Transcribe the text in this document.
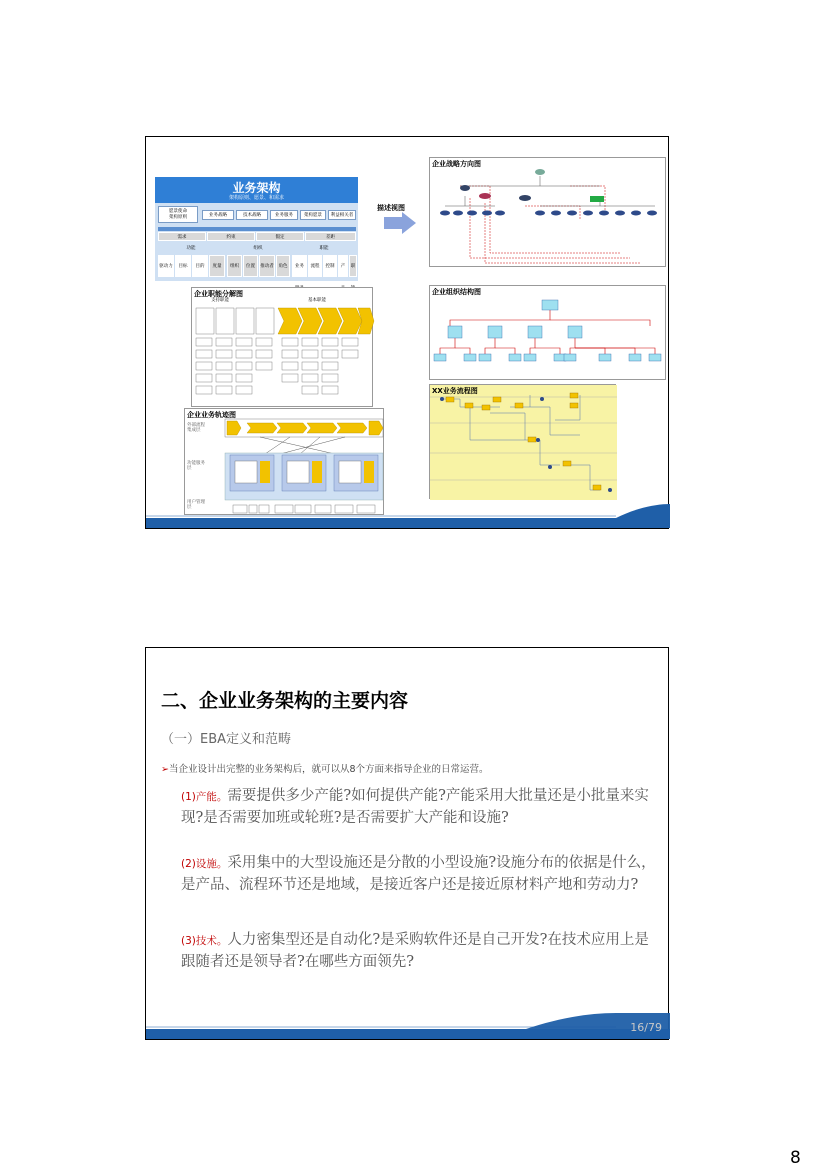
业务架构
架构原则、愿景、和需求
愿景使命
架构原则	业务战略	技术战略	业务服务	架构愿景	利益相关者
需求	约束	假定	差距
功能	组织	职能
驱动力	目标	目的	度量	组织	位置	推动者	角色	业务	流程	控制	产	职
描述视图
企业战略方向图
企业组织结构图
企业职能分解图
支持职能	基本职能
企业业务轨迹图
外部流程集成层
功能服务层
用户管理层
XX业务流程图
二、企业业务架构的主要内容
（一）EBA定义和范畴
➢当企业设计出完整的业务架构后，就可以从8个方面来指导企业的日常运营。
(1)产能。需要提供多少产能?如何提供产能?产能采用大批量还是小批量来实现?是否需要加班或轮班?是否需要扩大产能和设施?
(2)设施。采用集中的大型设施还是分散的小型设施?设施分布的依据是什么，是产品、流程环节还是地域，是接近客户还是接近原材料产地和劳动力?
(3)技术。人力密集型还是自动化?是采购软件还是自己开发?在技术应用上是跟随者还是领导者?在哪些方面领先?
16/79
8
